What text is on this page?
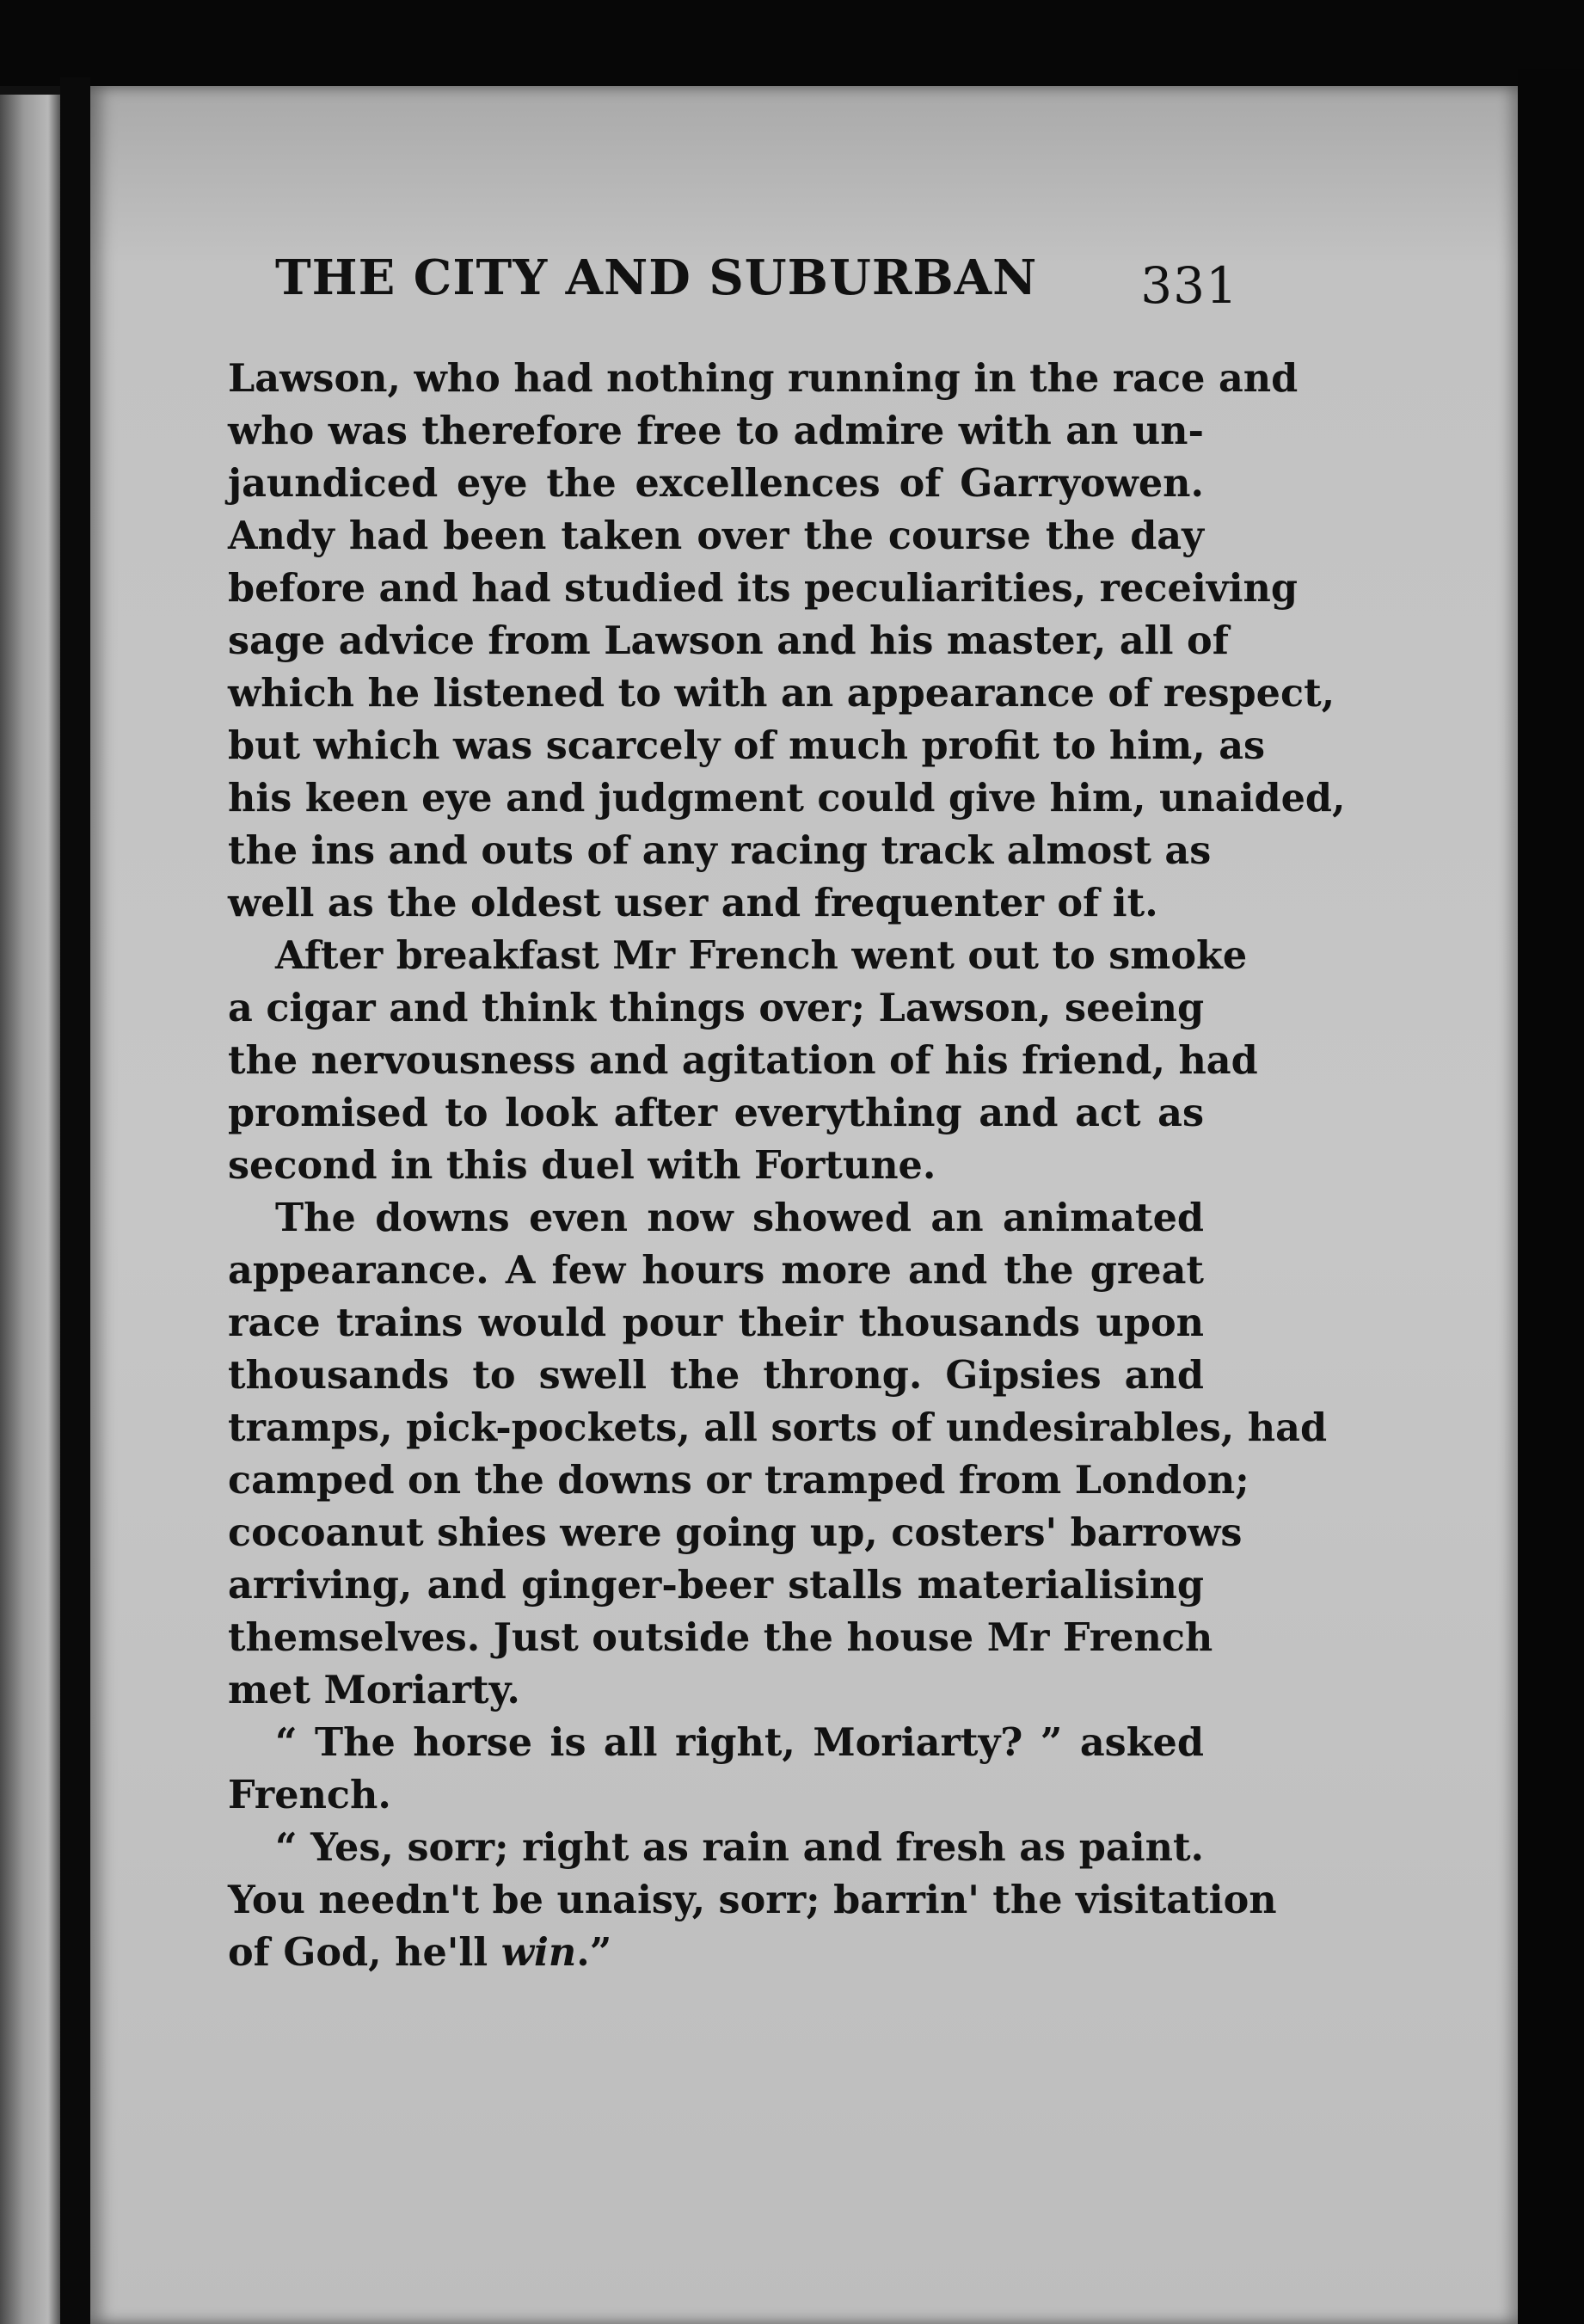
THE CITY AND SUBURBAN 331
Lawson, who had nothing running in the race and
who was therefore free to admire with an un-
jaundiced eye the excellences of Garryowen.
Andy had been taken over the course the day
before and had studied its peculiarities, receiving
sage advice from Lawson and his master, all of
which he listened to with an appearance of respect,
but which was scarcely of much profit to him, as
his keen eye and judgment could give him, unaided,
the ins and outs of any racing track almost as
well as the oldest user and frequenter of it.
After breakfast Mr French went out to smoke
a cigar and think things over; Lawson, seeing
the nervousness and agitation of his friend, had
promised to look after everything and act as
second in this duel with Fortune.
The downs even now showed an animated
appearance. A few hours more and the great
race trains would pour their thousands upon
thousands to swell the throng. Gipsies and
tramps, pick-pockets, all sorts of undesirables, had
camped on the downs or tramped from London;
cocoanut shies were going up, costers' barrows
arriving, and ginger-beer stalls materialising
themselves. Just outside the house Mr French
met Moriarty.
“ The horse is all right, Moriarty? ” asked
French.
“ Yes, sorr; right as rain and fresh as paint.
You needn't be unaisy, sorr; barrin' the visitation
of God, he'll win.”
